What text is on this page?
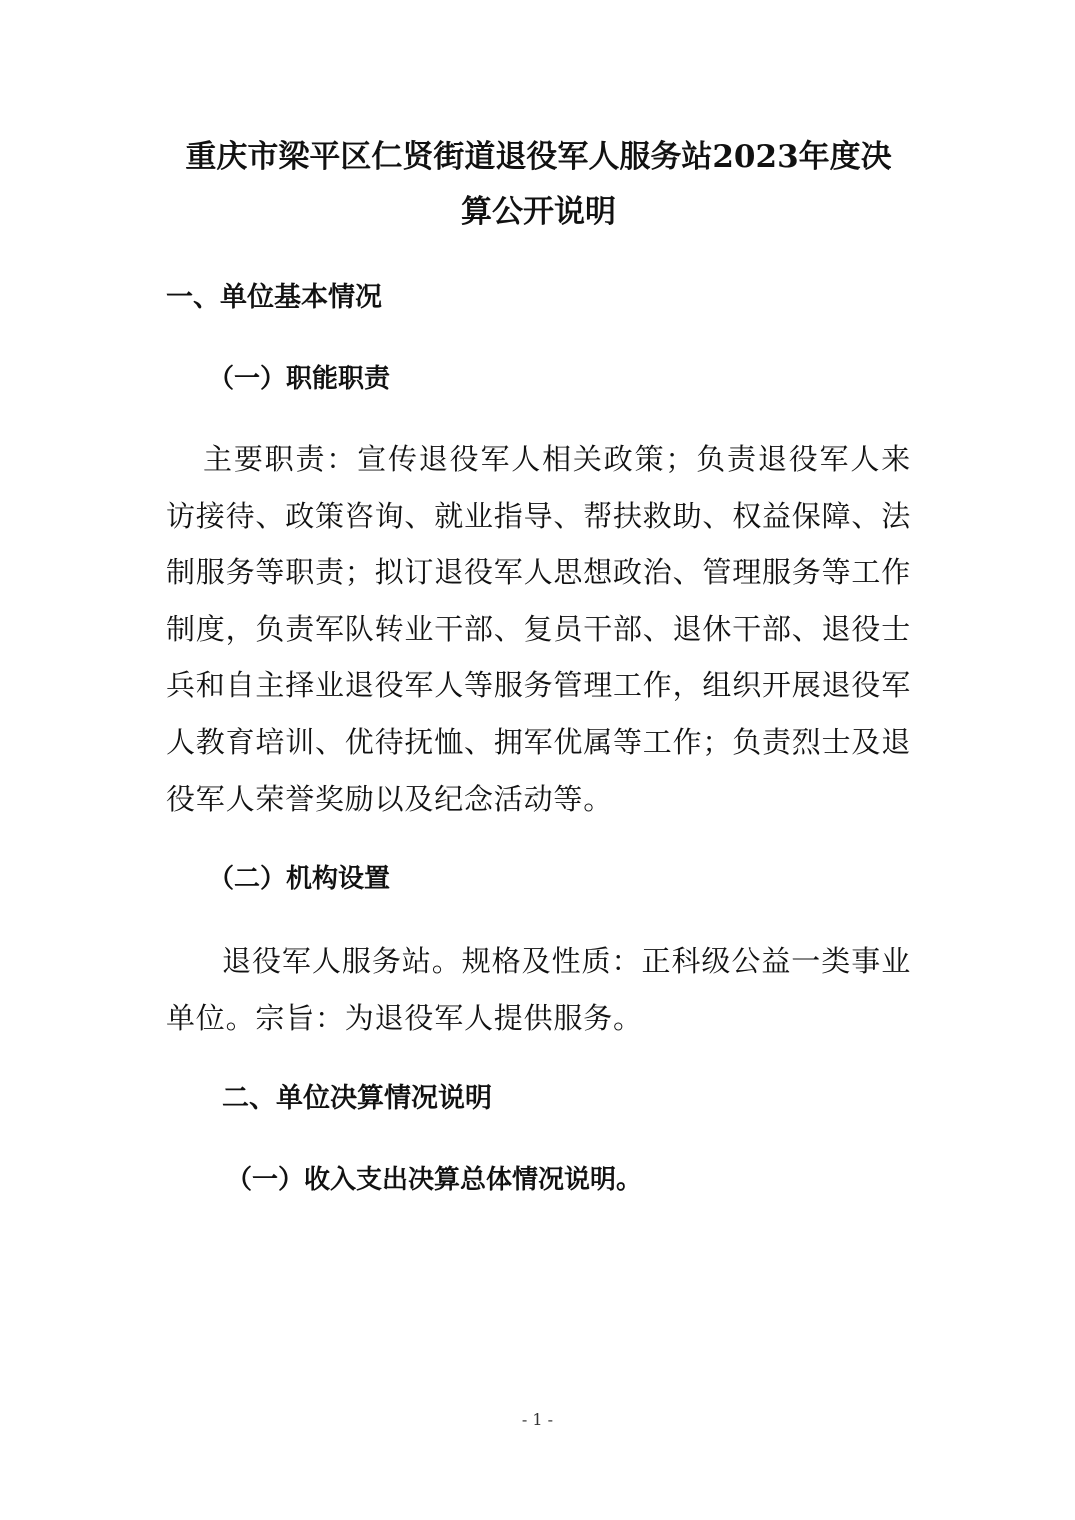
重庆市梁平区仁贤街道退役军人服务站2023年度决
算公开说明
一、单位基本情况
（一）职能职责

主要职责：宣传退役军人相关政策；负责退役军人来访接待、政策咨询、就业指导、帮扶救助、权益保障、法制服务等职责；拟订退役军人思想政治、管理服务等工作制度，负责军队转业干部、复员干部、退休干部、退役士兵和自主择业退役军人等服务管理工作，组织开展退役军人教育培训、优待抚恤、拥军优属等工作；负责烈士及退役军人荣誉奖励以及纪念活动等。

（二）机构设置

退役军人服务站。规格及性质：正科级公益一类事业单位。宗旨：为退役军人提供服务。

二、单位决算情况说明
（一）收入支出决算总体情况说明。
- 1 -
